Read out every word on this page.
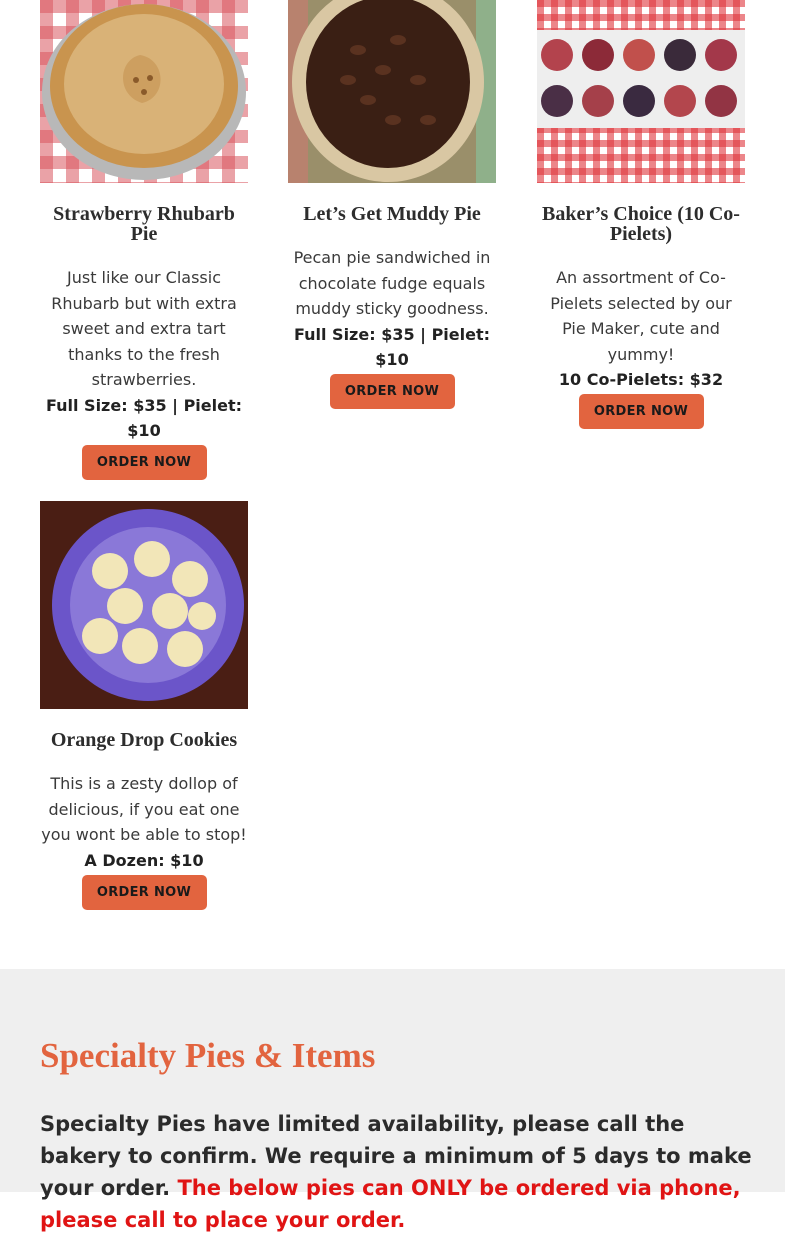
Strawberry Rhubarb Pie

Just like our Classic Rhubarb but with extra sweet and extra tart thanks to the fresh strawberries.

Full Size: $35 | Pielet: $10

ORDER NOW
Let’s Get Muddy Pie

Pecan pie sandwiched in chocolate fudge equals muddy sticky goodness.

Full Size: $35 | Pielet: $10

ORDER NOW
Baker’s Choice (10 Co-Pielets)

An assortment of Co-Pielets selected by our Pie Maker, cute and yummy!

10 Co-Pielets: $32

ORDER NOW
Orange Drop Cookies

This is a zesty dollop of delicious, if you eat one you wont be able to stop!

A Dozen: $10

ORDER NOW
Specialty Pies & Items

Specialty Pies have limited availability, please call the bakery to confirm. We require a minimum of 5 days to make your order. The below pies can ONLY be ordered via phone, please call to place your order.
